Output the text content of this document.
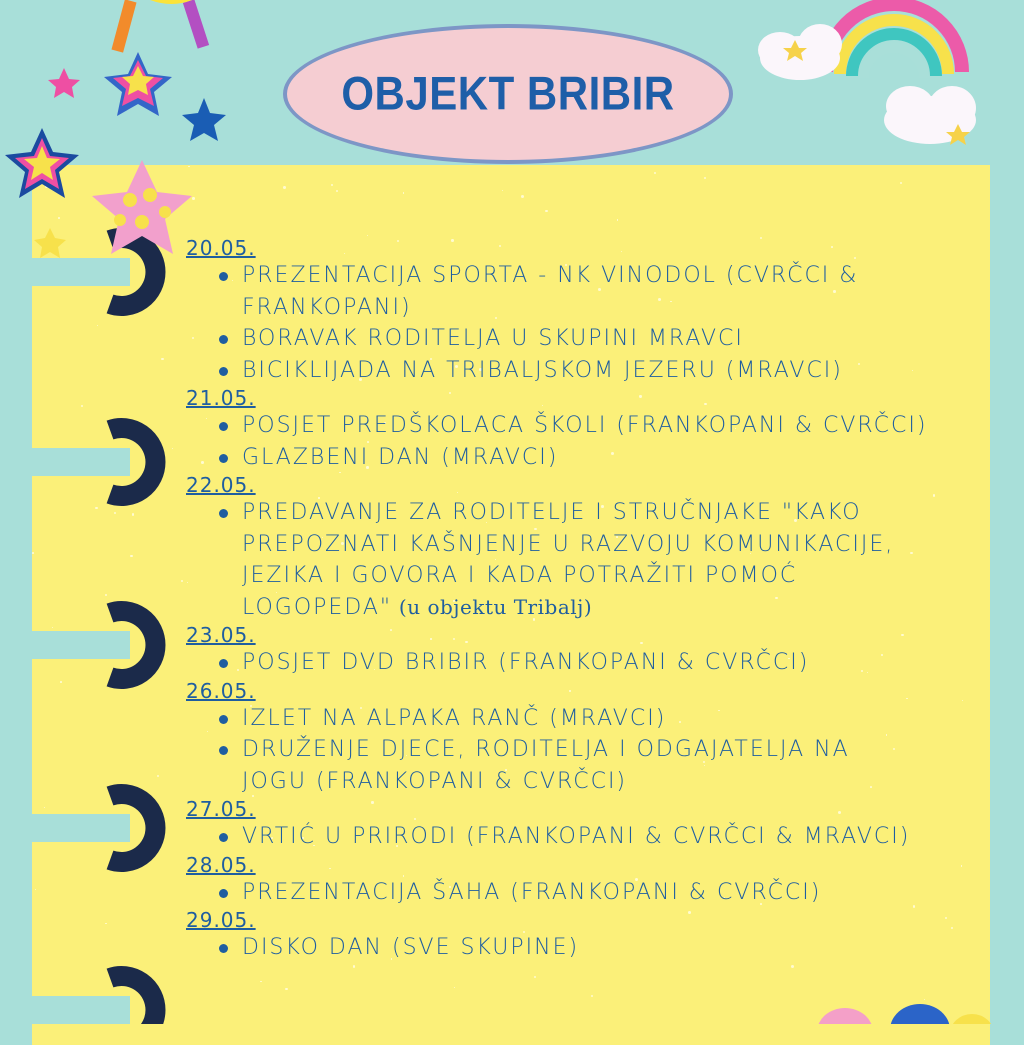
OBJEKT BRIBIR
20.05.
PREZENTACIJA SPORTA - NK VINODOL (CVRČCI &
FRANKOPANI)
BORAVAK RODITELJA U SKUPINI MRAVCI
BICIKLIJADA NA TRIBALJSKOM JEZERU (MRAVCI)
21.05.
POSJET PREDŠKOLACA ŠKOLI (FRANKOPANI & CVRČCI)
GLAZBENI DAN (MRAVCI)
22.05.
PREDAVANJE ZA RODITELJE I STRUČNJAKE "KAKO
PREPOZNATI KAŠNJENJE U RAZVOJU KOMUNIKACIJE,
JEZIKA I GOVORA I KADA POTRAŽITI POMOĆ
LOGOPEDA" (u objektu Tribalj)
23.05.
POSJET DVD BRIBIR (FRANKOPANI & CVRČCI)
26.05.
IZLET NA ALPAKA RANČ (MRAVCI)
DRUŽENJE DJECE, RODITELJA I ODGAJATELJA NA
JOGU (FRANKOPANI & CVRČCI)
27.05.
VRTIĆ U PRIRODI (FRANKOPANI & CVRČCI & MRAVCI)
28.05.
PREZENTACIJA ŠAHA (FRANKOPANI & CVRČCI)
29.05.
DISKO DAN (SVE SKUPINE)
